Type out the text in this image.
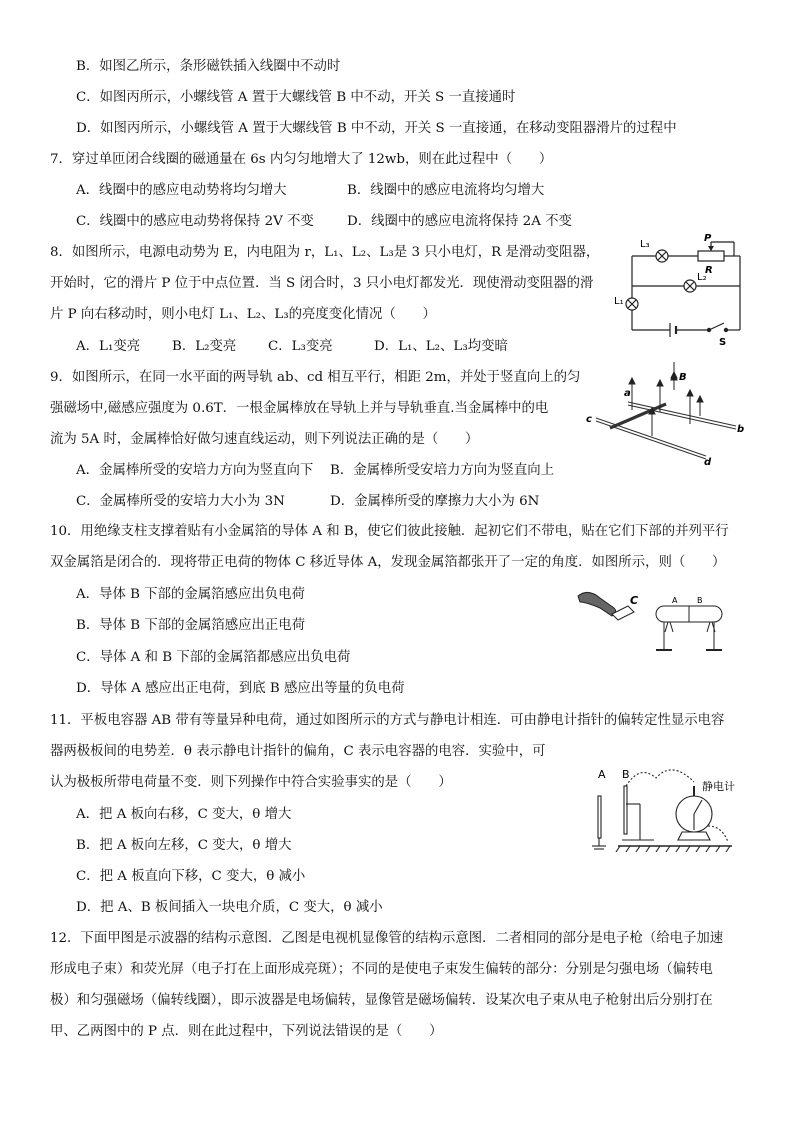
B．如图乙所示，条形磁铁插入线圈中不动时
C．如图丙所示，小螺线管 A 置于大螺线管 B 中不动，开关 S 一直接通时
D．如图丙所示，小螺线管 A 置于大螺线管 B 中不动，开关 S 一直接通，在移动变阻器滑片的过程中
7．穿过单匝闭合线圈的磁通量在 6s 内匀匀地增大了 12wb，则在此过程中（　　）
A．线圈中的感应电动势将均匀增大	B．线圈中的感应电流将均匀增大
C．线圈中的感应电动势将保持 2V 不变 D．线圈中的感应电流将保持 2A 不变
8．如图所示，电源电动势为 E，内电阻为 r，L₁、L₂、L₃是 3 只小电灯，R 是滑动变阻器，
开始时，它的滑片 P 位于中点位置．当 S 闭合时，3 只小电灯都发光．现使滑动变阻器的滑
片 P 向右移动时，则小电灯 L₁、L₂、L₃的亮度变化情况（　　）
A．L₁变亮 B．L₂变亮 C．L₃变亮	D．L₁、L₂、L₃均变暗
L₃
P
R
L₂
L₁
S
9．如图所示，在同一水平面的两导轨 ab、cd 相互平行，相距 2m，并处于竖直向上的匀
强磁场中,磁感应强度为 0.6T．一根金属棒放在导轨上并与导轨垂直.当金属棒中的电
流为 5A 时，金属棒恰好做匀速直线运动，则下列说法正确的是（　　）
A．金属棒所受的安培力方向为竖直向下 B．金属棒所受安培力方向为竖直向上
C．金属棒所受的安培力大小为 3N	D．金属棒所受的摩擦力大小为 6N
a
B
b
c
d
10．用绝缘支柱支撑着贴有小金属箔的导体 A 和 B，使它们彼此接触．起初它们不带电，贴在它们下部的并列平行
双金属箔是闭合的．现将带正电荷的物体 C 移近导体 A，发现金属箔都张开了一定的角度．如图所示，则（　　）
A．导体 B 下部的金属箔感应出负电荷
B．导体 B 下部的金属箔感应出正电荷
C．导体 A 和 B 下部的金属箔都感应出负电荷
D．导体 A 感应出正电荷，到底 B 感应出等量的负电荷
C	A B
11．平板电容器 AB 带有等量异种电荷，通过如图所示的方式与静电计相连．可由静电计指针的偏转定性显示电容
器两极板间的电势差．θ 表示静电计指针的偏角，C 表示电容器的电容．实验中，可
认为极板所带电荷量不变．则下列操作中符合实验事实的是（　　）
A．把 A 板向右移，C 变大，θ 增大
B．把 A 板向左移，C 变大，θ 增大
C．把 A 板直向下移，C 变大，θ 减小
D．把 A、B 板间插入一块电介质，C 变大，θ 减小
A B
静电计
12．下面甲图是示波器的结构示意图．乙图是电视机显像管的结构示意图．二者相同的部分是电子枪（给电子加速
形成电子束）和荧光屏（电子打在上面形成亮斑）；不同的是使电子束发生偏转的部分：分别是匀强电场（偏转电
极）和匀强磁场（偏转线圈），即示波器是电场偏转，显像管是磁场偏转．设某次电子束从电子枪射出后分别打在
甲、乙两图中的 P 点．则在此过程中，下列说法错误的是（　　）
